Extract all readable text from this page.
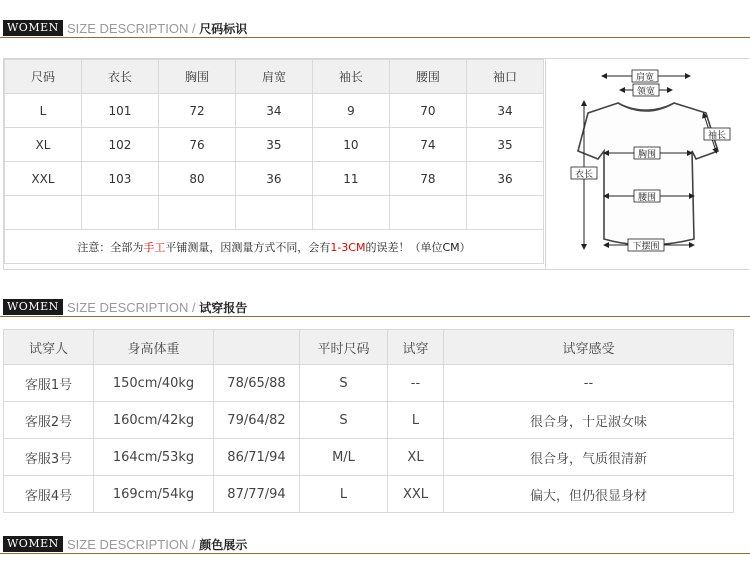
WOMEN SIZE DESCRIPTION / 尺码标识
尺码	衣长	胸围	肩宽	袖长	腰围	袖口
L	101	72	34	9	70	34
XL	102	76	35	10	74	35
XXL	103	80	36	11	78	36

注意：全部为手工平铺测量，因测量方式不同，会有1-3CM的误差！（单位CM）						
肩宽
领宽
袖长
衣长
胸围
腰围
下摆围
WOMEN SIZE DESCRIPTION / 试穿报告
试穿人	身高体重		平时尺码	试穿	试穿感受
客服1号	150cm/40kg	78/65/88	S	--	--
客服2号	160cm/42kg	79/64/82	S	L	很合身，十足淑女味
客服3号	164cm/53kg	86/71/94	M/L	XL	很合身，气质很清新
客服4号	169cm/54kg	87/77/94	L	XXL	偏大，但仍很显身材
WOMEN SIZE DESCRIPTION / 颜色展示
